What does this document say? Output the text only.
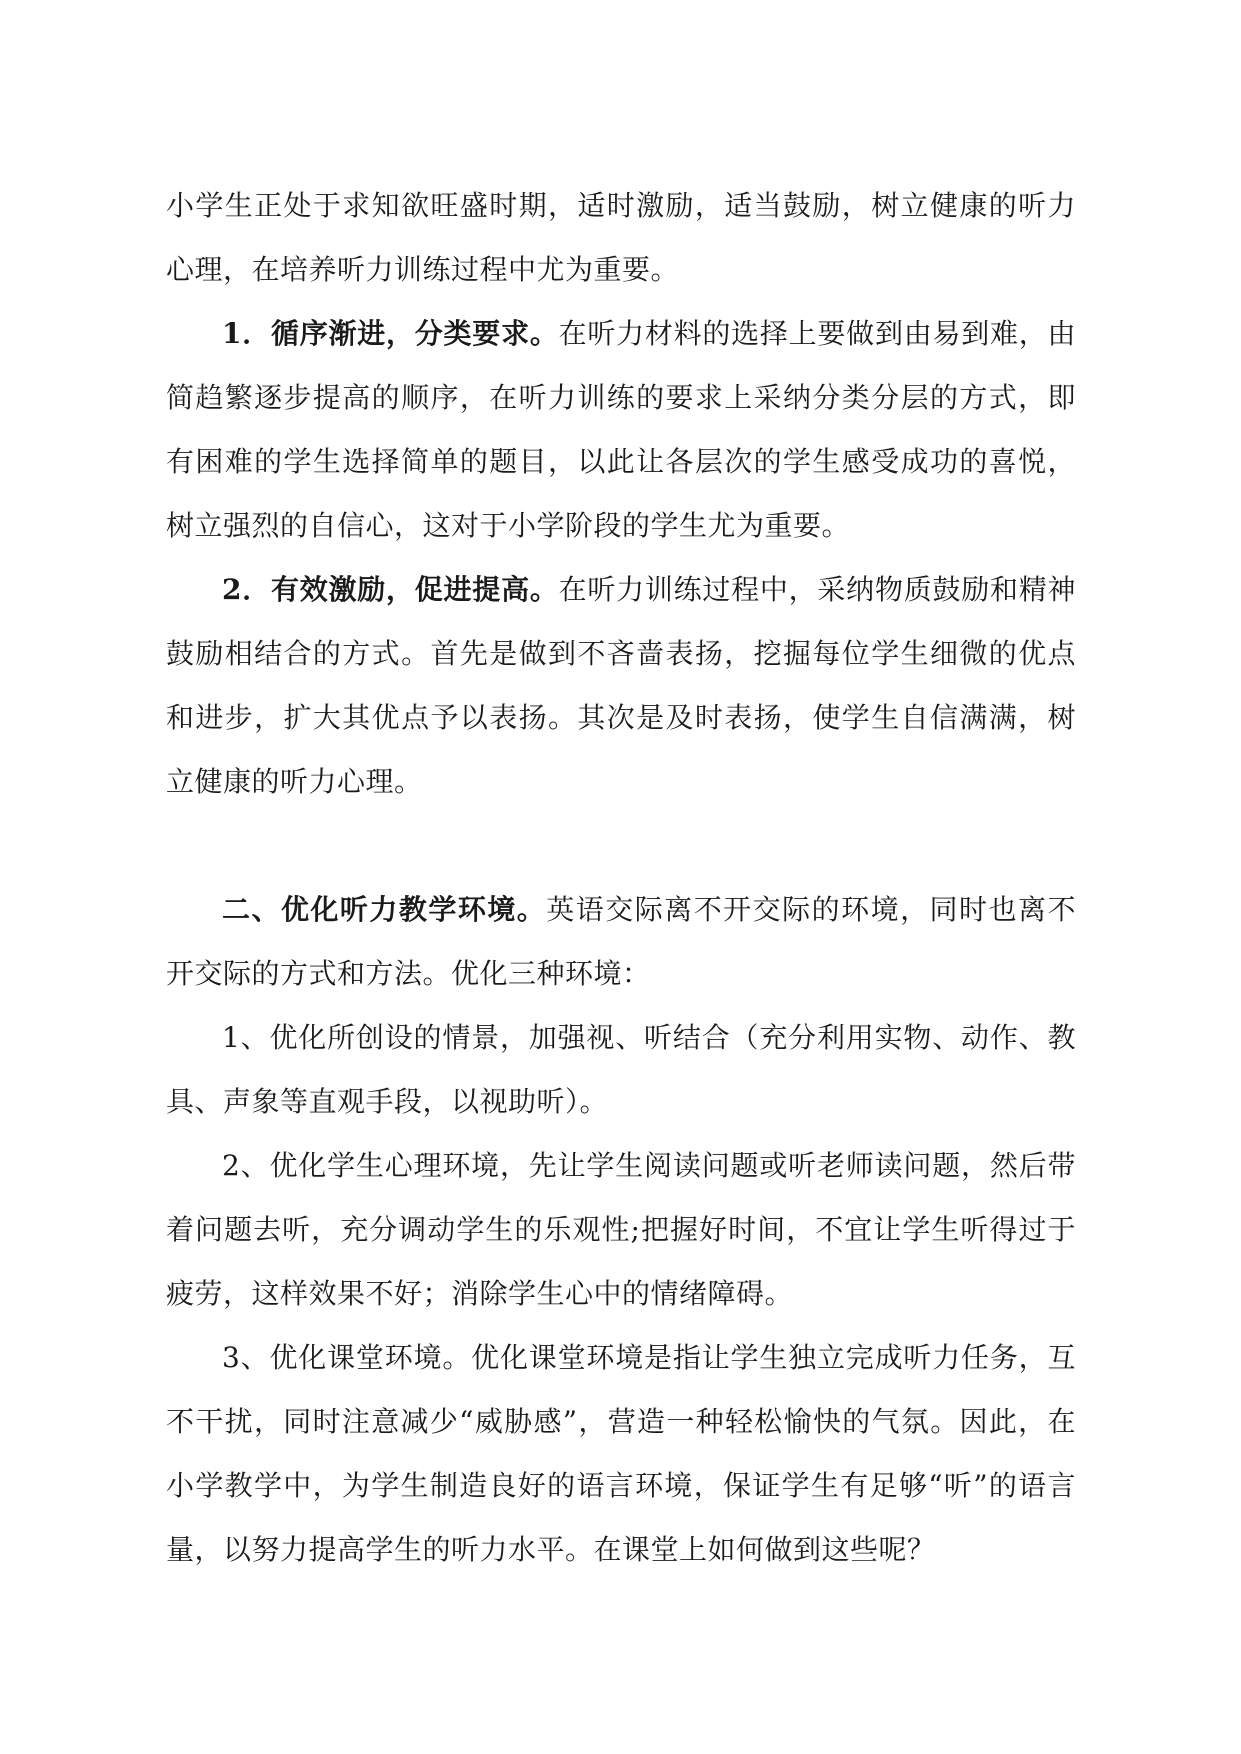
小学生正处于求知欲旺盛时期，适时激励，适当鼓励，树立健康的听力心理，在培养听力训练过程中尤为重要。

1．循序渐进，分类要求。在听力材料的选择上要做到由易到难，由简趋繁逐步提高的顺序，在听力训练的要求上采纳分类分层的方式，即有困难的学生选择简单的题目，以此让各层次的学生感受成功的喜悦，树立强烈的自信心，这对于小学阶段的学生尤为重要。

2．有效激励，促进提高。在听力训练过程中，采纳物质鼓励和精神鼓励相结合的方式。首先是做到不吝啬表扬，挖掘每位学生细微的优点和进步，扩大其优点予以表扬。其次是及时表扬，使学生自信满满，树立健康的听力心理。

二、优化听力教学环境。英语交际离不开交际的环境，同时也离不开交际的方式和方法。优化三种环境：

1、优化所创设的情景，加强视、听结合（充分利用实物、动作、教具、声象等直观手段，以视助听）。

2、优化学生心理环境，先让学生阅读问题或听老师读问题，然后带着问题去听，充分调动学生的乐观性;把握好时间，不宜让学生听得过于疲劳，这样效果不好；消除学生心中的情绪障碍。

3、优化课堂环境。优化课堂环境是指让学生独立完成听力任务，互不干扰，同时注意减少“威胁感”，营造一种轻松愉快的气氛。因此，在小学教学中，为学生制造良好的语言环境，保证学生有足够“听”的语言量，以努力提高学生的听力水平。在课堂上如何做到这些呢？
